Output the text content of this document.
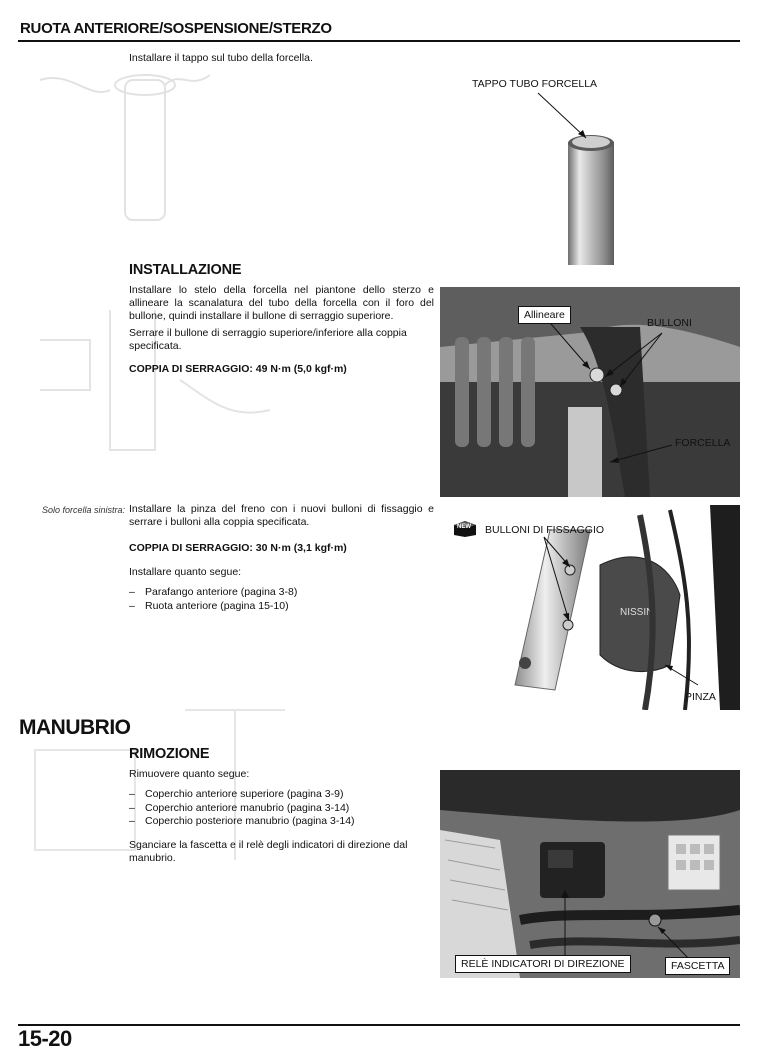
RUOTA ANTERIORE/SOSPENSIONE/STERZO
Installare il tappo sul tubo della forcella.
TAPPO TUBO FORCELLA
INSTALLAZIONE
Installare lo stelo della forcella nel piantone dello sterzo e allineare la scanalatura del tubo della forcella con il foro del bullone, quindi installare il bullone di serraggio superiore.
Serrare il bullone di serraggio superiore/inferiore alla coppia specificata.
COPPIA DI SERRAGGIO: 49 N·m (5,0 kgf·m)
Allineare
BULLONI
FORCELLA
Solo forcella sinistra: Installare la pinza del freno con i nuovi bulloni di fissaggio e serrare i bulloni alla coppia specificata.
COPPIA DI SERRAGGIO: 30 N·m (3,1 kgf·m)
Installare quanto segue:
– Parafango anteriore (pagina 3-8)
– Ruota anteriore (pagina 15-10)
NISSIN
NEW BULLONI DI FISSAGGIO
PINZA
MANUBRIO
RIMOZIONE
Rimuovere quanto segue:
– Coperchio anteriore superiore (pagina 3-9)
– Coperchio anteriore manubrio (pagina 3-14)
– Coperchio posteriore manubrio (pagina 3-14)
Sganciare la fascetta e il relè degli indicatori di direzione dal manubrio.
RELÈ INDICATORI DI DIREZIONE	FASCETTA
15-20
